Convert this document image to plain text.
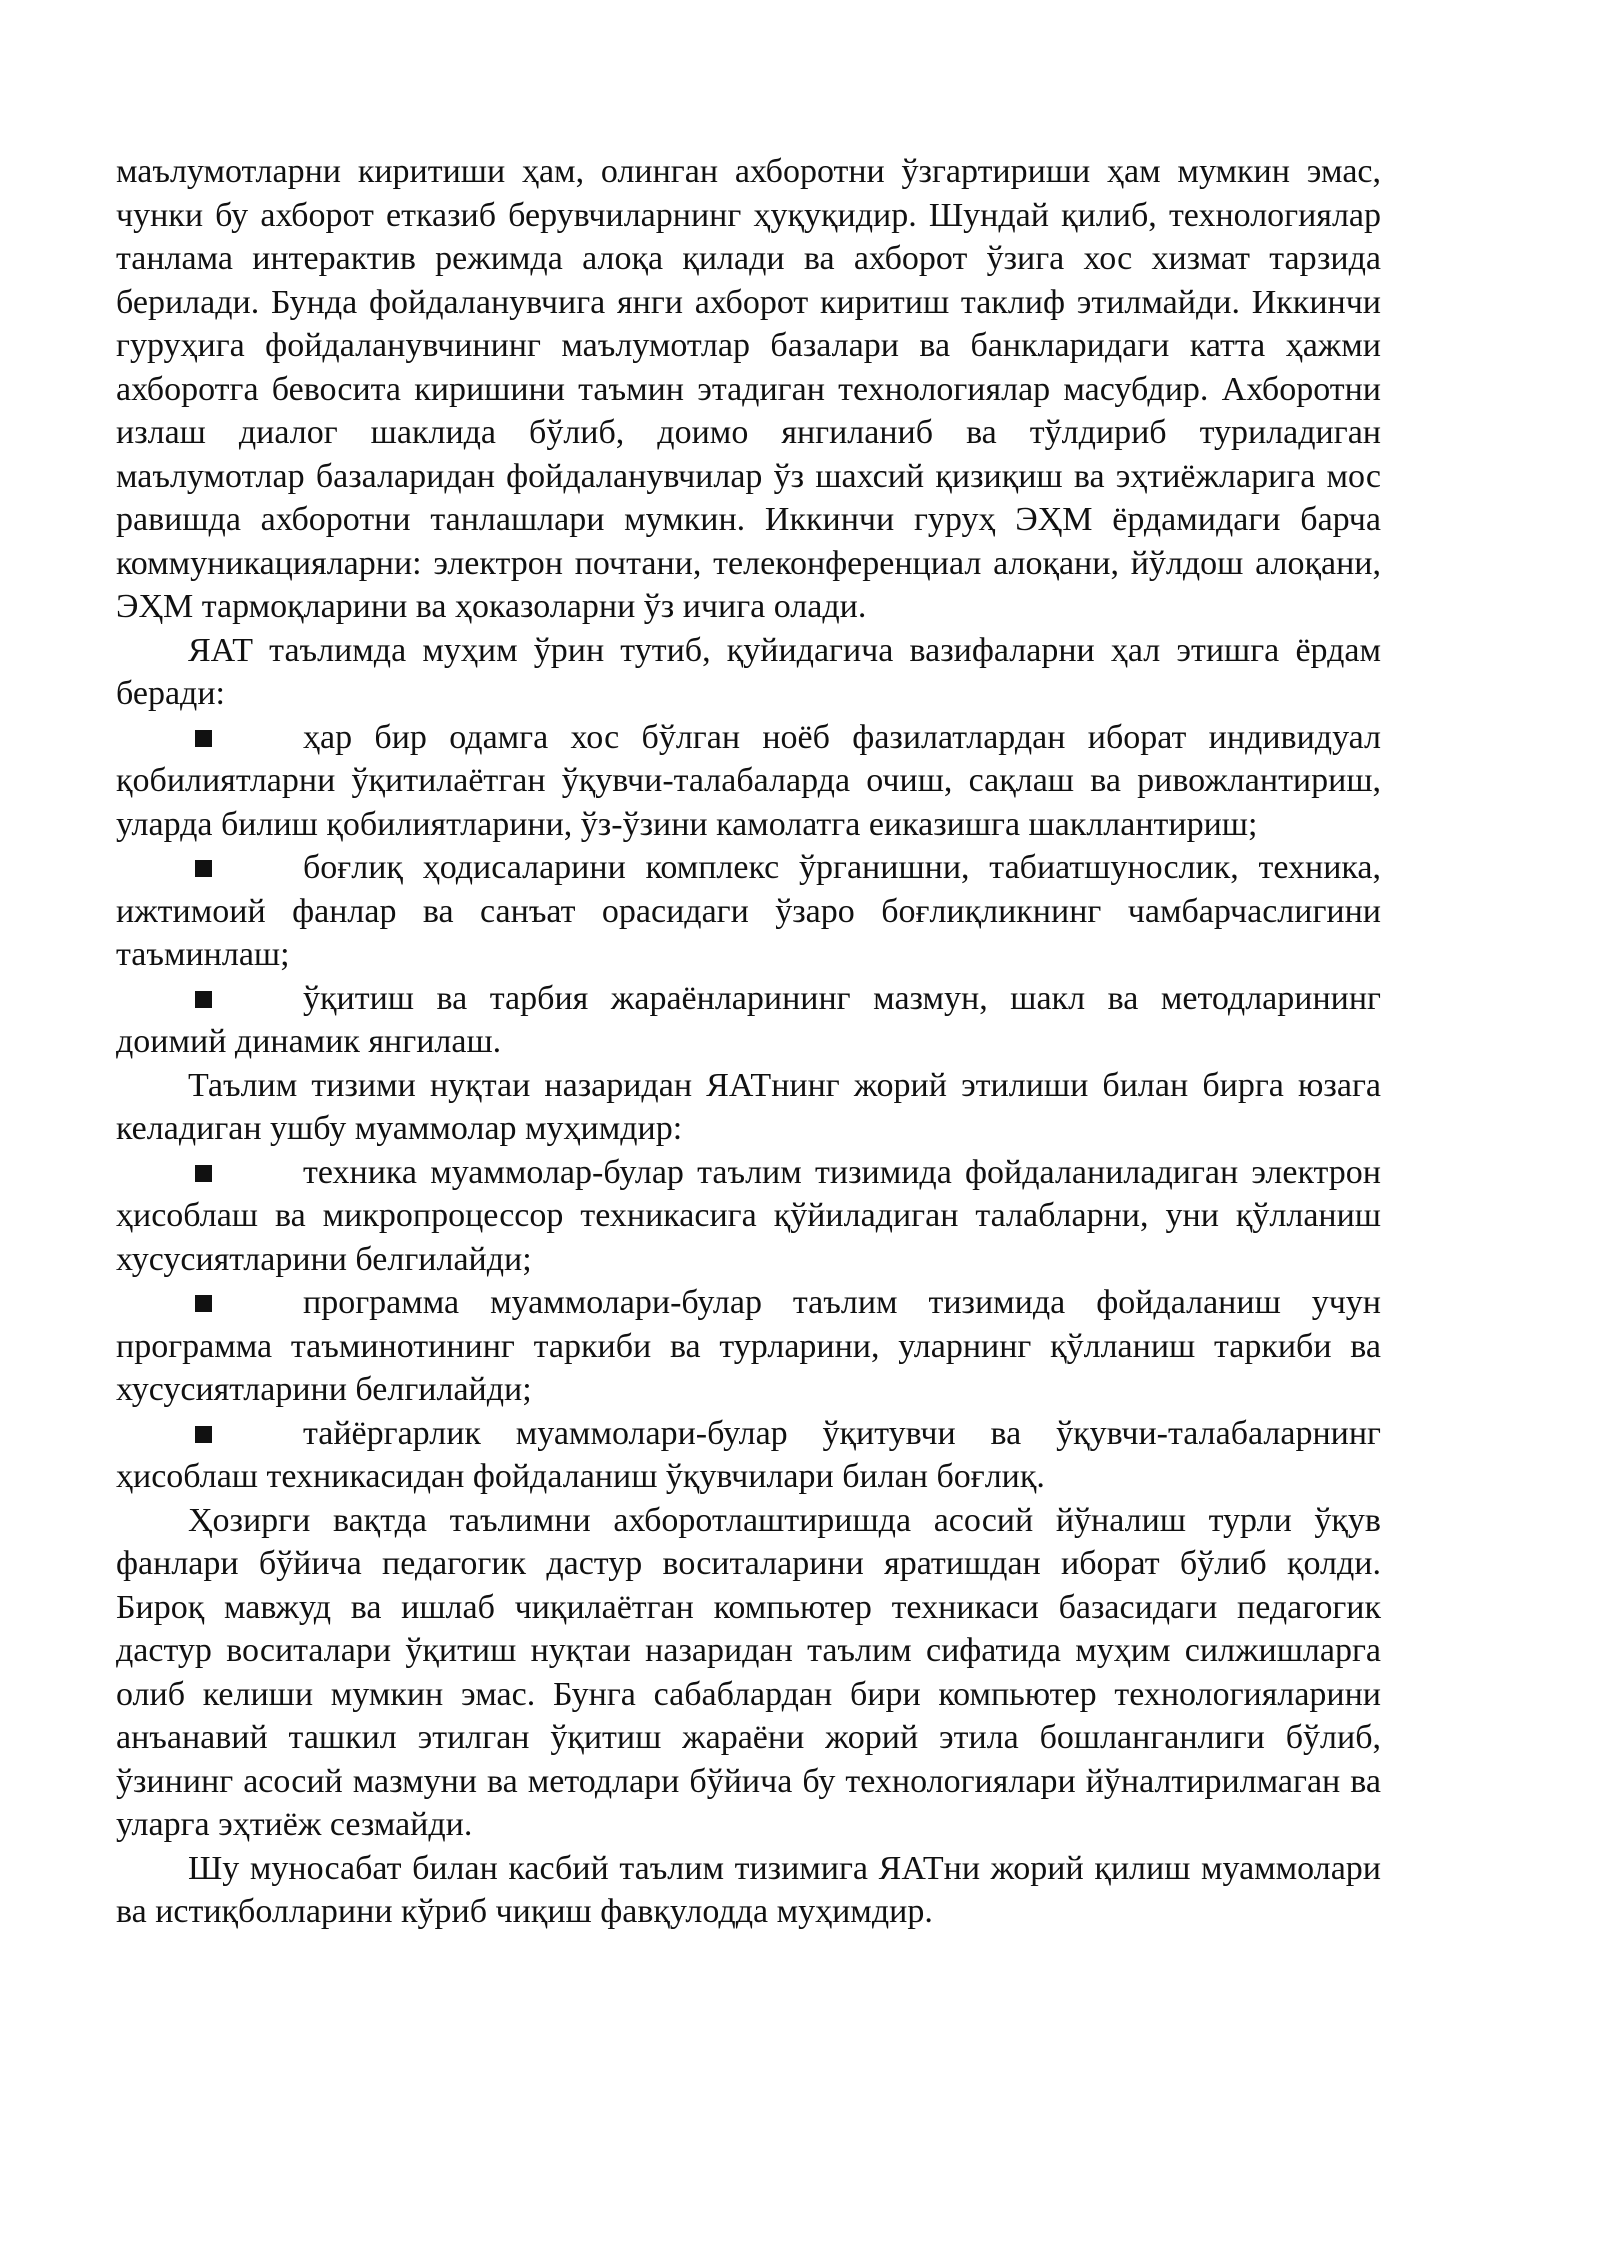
маълумотларни киритиши ҳам, олинган ахборотни ўзгартириши ҳам мумкин эмас, чунки бу ахборот етказиб берувчиларнинг ҳуқуқидир. Шундай қилиб, технологиялар танлама интерактив режимда алоқа қилади ва ахборот ўзига хос хизмат тарзида берилади. Бунда фойдаланувчига янги ахборот киритиш таклиф этилмайди. Иккинчи гуруҳига фойдаланувчининг маълумотлар базалари ва банкларидаги катта ҳажми ахборотга бевосита киришини таъмин этадиган технологиялар масубдир. Ахборотни излаш диалог шаклида бўлиб, доимо янгиланиб ва тўлдириб туриладиган маълумотлар базаларидан фойдаланувчилар ўз шахсий қизиқиш ва эҳтиёжларига мос равишда ахборотни танлашлари мумкин. Иккинчи гуруҳ ЭҲМ ёрдамидаги барча коммуникацияларни: электрон почтани, телеконференциал алоқани, йўлдош алоқани, ЭҲМ тармоқларини ва ҳоказоларни ўз ичига олади.

ЯАТ таълимда муҳим ўрин тутиб, қуйидагича вазифаларни ҳал этишга ёрдам беради:

ҳар бир одамга хос бўлган ноёб фазилатлардан иборат индивидуал қобилиятларни ўқитилаётган ўқувчи-талабаларда очиш, сақлаш ва ривожлантириш, уларда билиш қобилиятларини, ўз-ўзини камолатга еиказишга шакллантириш;

боғлиқ ҳодисаларини комплекс ўрганишни, табиатшунослик, техника, ижтимоий фанлар ва санъат орасидаги ўзаро боғлиқликнинг чамбарчаслигини таъминлаш;

ўқитиш ва тарбия жараёнларининг мазмун, шакл ва методларининг доимий динамик янгилаш.

Таълим тизими нуқтаи назаридан ЯАТнинг жорий этилиши билан бирга юзага келадиган ушбу муаммолар муҳимдир:

техника муаммолар-булар таълим тизимида фойдаланиладиган электрон ҳисоблаш ва микропроцессор техникасига қўйиладиган талабларни, уни қўлланиш хусусиятларини белгилайди;

программа муаммолари-булар таълим тизимида фойдаланиш учун программа таъминотининг таркиби ва турларини, уларнинг қўлланиш таркиби ва хусусиятларини белгилайди;

тайёргарлик муаммолари-булар ўқитувчи ва ўқувчи-талабаларнинг ҳисоблаш техникасидан фойдаланиш ўқувчилари билан боғлиқ.

Ҳозирги вақтда таълимни ахборотлаштиришда асосий йўналиш турли ўқув фанлари бўйича педагогик дастур воситаларини яратишдан иборат бўлиб қолди. Бироқ мавжуд ва ишлаб чиқилаётган компьютер техникаси базасидаги педагогик дастур воситалари ўқитиш нуқтаи назаридан таълим сифатида муҳим силжишларга олиб келиши мумкин эмас. Бунга сабаблардан бири компьютер технологияларини анъанавий ташкил этилган ўқитиш жараёни жорий этила бошланганлиги бўлиб, ўзининг асосий мазмуни ва методлари бўйича бу технологиялари йўналтирилмаган ва уларга эҳтиёж сезмайди.

Шу муносабат билан касбий таълим тизимига ЯАТни жорий қилиш муаммолари ва истиқболларини кўриб чиқиш фавқулодда муҳимдир.
